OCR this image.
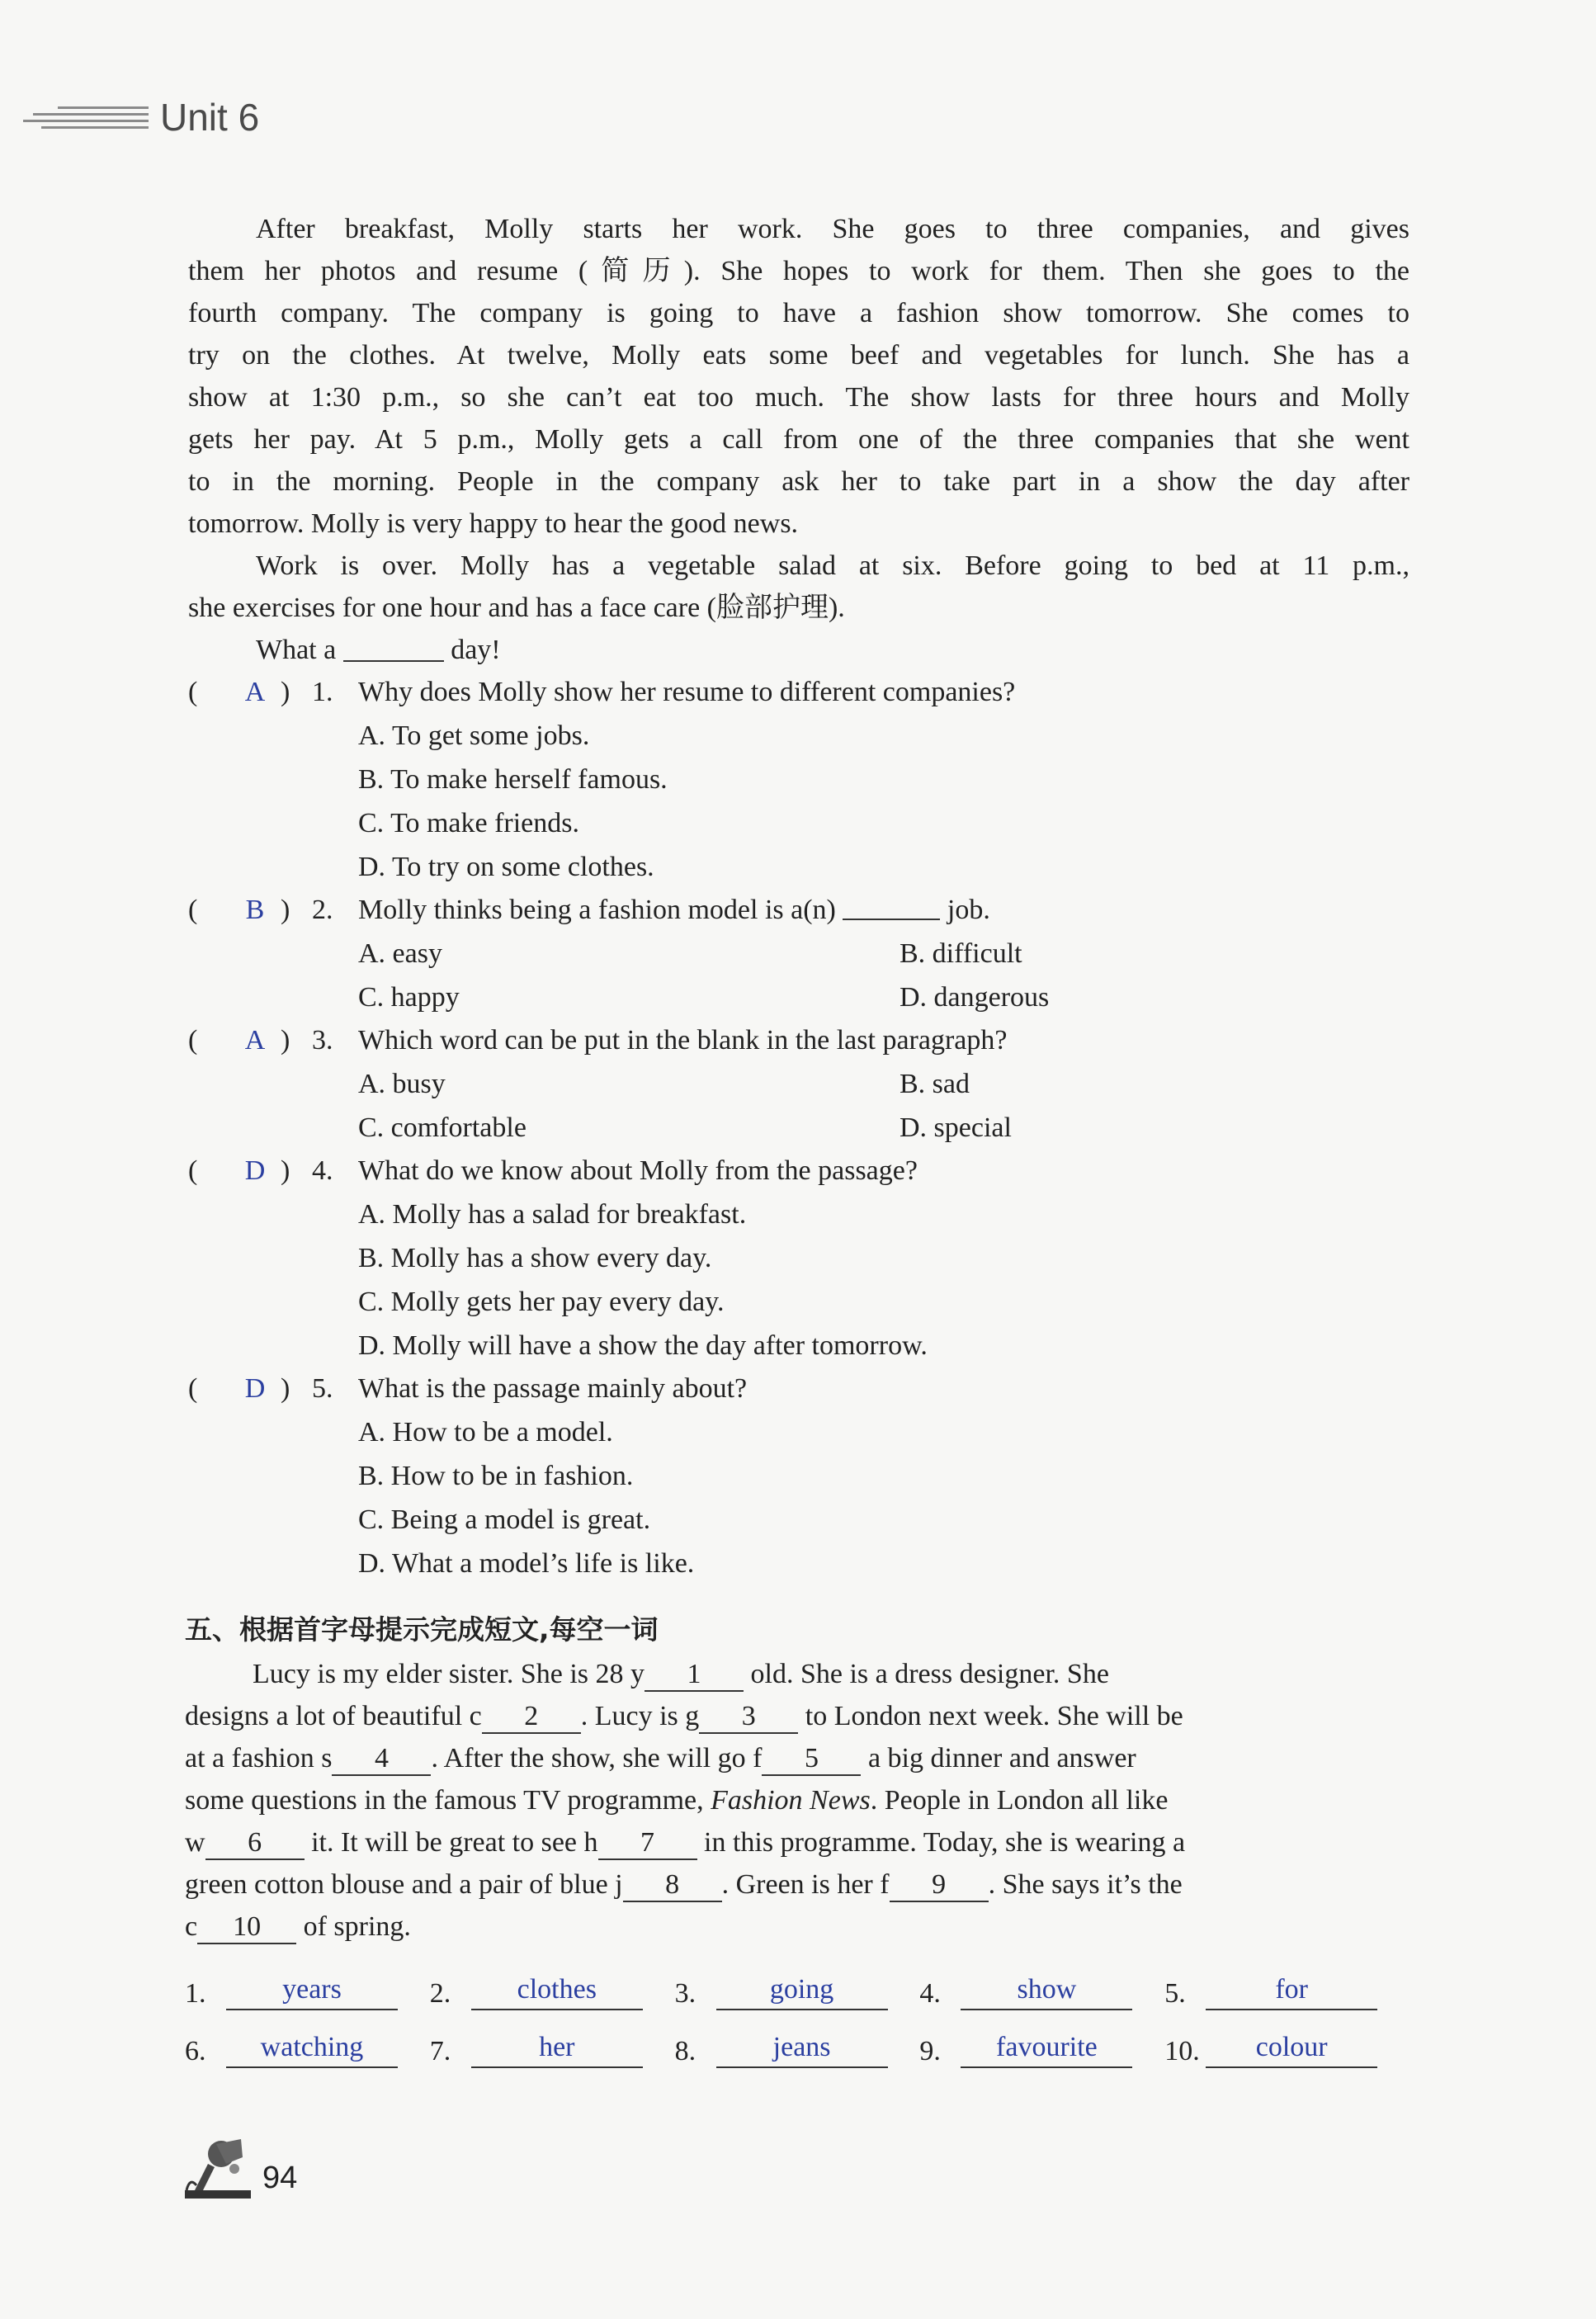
Unit 6
After breakfast, Molly starts her work. She goes to three companies, and gives
them her photos and resume (简历). She hopes to work for them. Then she goes to the
fourth company. The company is going to have a fashion show tomorrow. She comes to
try on the clothes. At twelve, Molly eats some beef and vegetables for lunch. She has a
show at 1:30 p.m., so she can’t eat too much. The show lasts for three hours and Molly
gets her pay. At 5 p.m., Molly gets a call from one of the three companies that she went
to in the morning. People in the company ask her to take part in a show the day after
tomorrow. Molly is very happy to hear the good news.
Work is over. Molly has a vegetable salad at six. Before going to bed at 11 p.m.,
she exercises for one hour and has a face care (脸部护理).
What a	day!
(	A ) 1. Why does Molly show her resume to different companies?
A. To get some jobs.
B. To make herself famous.
C. To make friends.
D. To try on some clothes.
(	B ) 2. Molly thinks being a fashion model is a(n)

	job.
A. easy	B. difficult
C. happy	D. dangerous
(	A ) 3. Which word can be put in the blank in the last paragraph?
A. busy	B. sad
C. comfortable	D. special
(	D ) 4. What do we know about Molly from the passage?
A. Molly has a salad for breakfast.
B. Molly has a show every day.
C. Molly gets her pay every day.
D. Molly will have a show the day after tomorrow.
(	D ) 5. What is the passage mainly about?
A. How to be a model.
B. How to be in fashion.
C. Being a model is great.
D. What a model’s life is like.
五、根据首字母提示完成短文,每空一词
Lucy is my elder sister. She is 28 y 1 old. She is a dress designer. She
designs a lot of beautiful c 2 . Lucy is g 3 to London next week. She will be
at a fashion s 4 . After the show, she will go f 5 a big dinner and answer
some questions in the famous TV programme, Fashion News. People in London all like
w 6 it. It will be great to see h 7 in this programme. Today, she is wearing a
green cotton blouse and a pair of blue j 8 . Green is her f 9 . She says it’s the
c 10 of spring.
1.	years	2.	clothes	3.	going	4.	show	5.	for
6.	watching	7.	her	8.	jeans	9.	favourite	10.	colour
94
